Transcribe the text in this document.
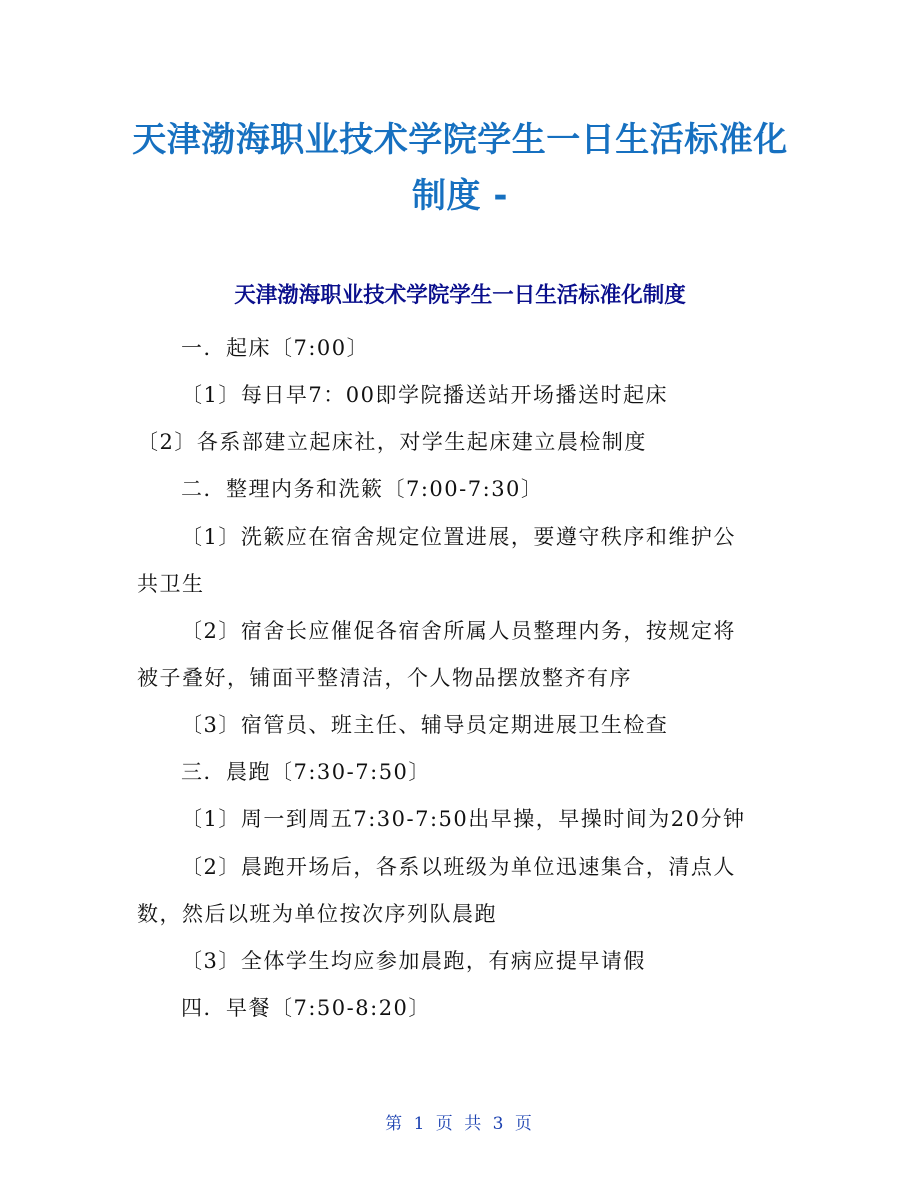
天津渤海职业技术学院学生一日生活标准化制度 -
天津渤海职业技术学院学生一日生活标准化制度

一．起床〔7:00〕

〔1〕每日早7：00即学院播送站开场播送时起床

〔2〕各系部建立起床社，对学生起床建立晨检制度

二．整理内务和洗簌〔7:00-7:30〕

〔1〕洗簌应在宿舍规定位置进展，要遵守秩序和维护公

共卫生

〔2〕宿舍长应催促各宿舍所属人员整理内务，按规定将

被子叠好，铺面平整清洁，个人物品摆放整齐有序

〔3〕宿管员、班主任、辅导员定期进展卫生检查

三．晨跑〔7:30-7:50〕

〔1〕周一到周五7:30-7:50出早操，早操时间为20分钟

〔2〕晨跑开场后，各系以班级为单位迅速集合，清点人

数，然后以班为单位按次序列队晨跑

〔3〕全体学生均应参加晨跑，有病应提早请假

四．早餐〔7:50-8:20〕

第 1 页 共 3 页
